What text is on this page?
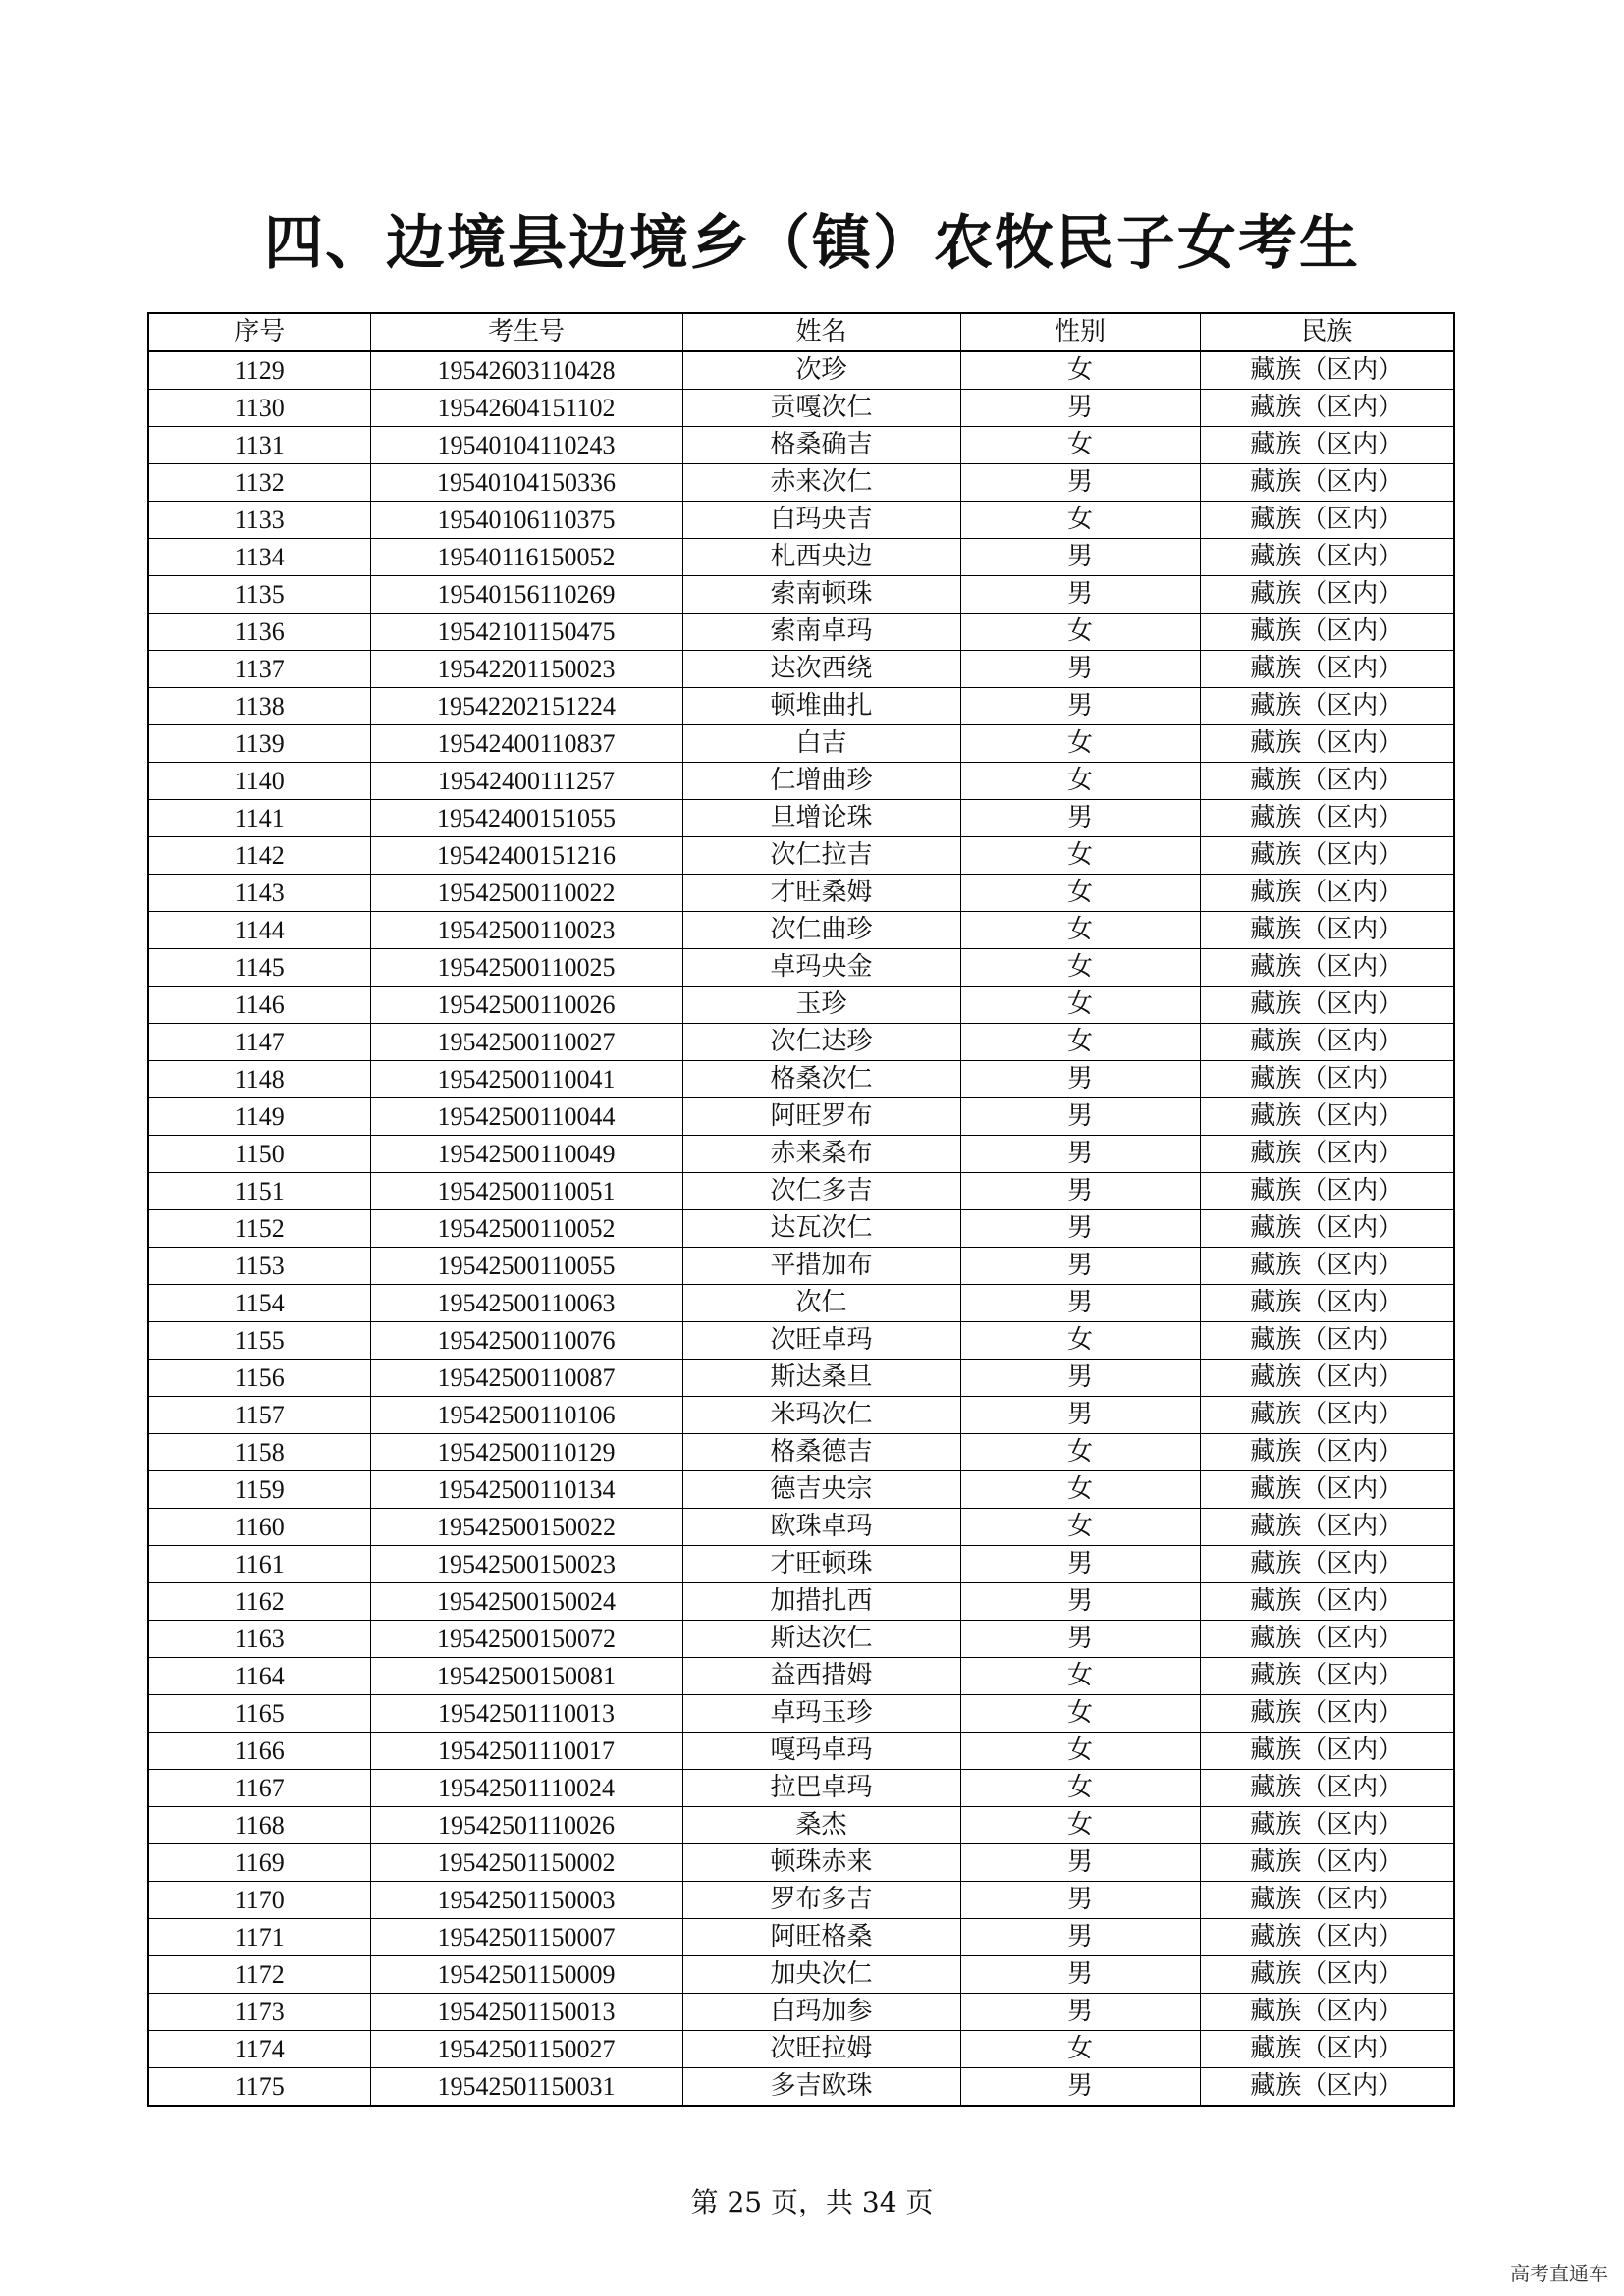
四、边境县边境乡（镇）农牧民子女考生
序号	考生号	姓名	性别	民族
1129	19542603110428	次珍	女	藏族（区内）
1130	19542604151102	贡嘎次仁	男	藏族（区内）
1131	19540104110243	格桑确吉	女	藏族（区内）
1132	19540104150336	赤来次仁	男	藏族（区内）
1133	19540106110375	白玛央吉	女	藏族（区内）
1134	19540116150052	札西央边	男	藏族（区内）
1135	19540156110269	索南顿珠	男	藏族（区内）
1136	19542101150475	索南卓玛	女	藏族（区内）
1137	19542201150023	达次西绕	男	藏族（区内）
1138	19542202151224	顿堆曲扎	男	藏族（区内）
1139	19542400110837	白吉	女	藏族（区内）
1140	19542400111257	仁增曲珍	女	藏族（区内）
1141	19542400151055	旦增论珠	男	藏族（区内）
1142	19542400151216	次仁拉吉	女	藏族（区内）
1143	19542500110022	才旺桑姆	女	藏族（区内）
1144	19542500110023	次仁曲珍	女	藏族（区内）
1145	19542500110025	卓玛央金	女	藏族（区内）
1146	19542500110026	玉珍	女	藏族（区内）
1147	19542500110027	次仁达珍	女	藏族（区内）
1148	19542500110041	格桑次仁	男	藏族（区内）
1149	19542500110044	阿旺罗布	男	藏族（区内）
1150	19542500110049	赤来桑布	男	藏族（区内）
1151	19542500110051	次仁多吉	男	藏族（区内）
1152	19542500110052	达瓦次仁	男	藏族（区内）
1153	19542500110055	平措加布	男	藏族（区内）
1154	19542500110063	次仁	男	藏族（区内）
1155	19542500110076	次旺卓玛	女	藏族（区内）
1156	19542500110087	斯达桑旦	男	藏族（区内）
1157	19542500110106	米玛次仁	男	藏族（区内）
1158	19542500110129	格桑德吉	女	藏族（区内）
1159	19542500110134	德吉央宗	女	藏族（区内）
1160	19542500150022	欧珠卓玛	女	藏族（区内）
1161	19542500150023	才旺顿珠	男	藏族（区内）
1162	19542500150024	加措扎西	男	藏族（区内）
1163	19542500150072	斯达次仁	男	藏族（区内）
1164	19542500150081	益西措姆	女	藏族（区内）
1165	19542501110013	卓玛玉珍	女	藏族（区内）
1166	19542501110017	嘎玛卓玛	女	藏族（区内）
1167	19542501110024	拉巴卓玛	女	藏族（区内）
1168	19542501110026	桑杰	女	藏族（区内）
1169	19542501150002	顿珠赤来	男	藏族（区内）
1170	19542501150003	罗布多吉	男	藏族（区内）
1171	19542501150007	阿旺格桑	男	藏族（区内）
1172	19542501150009	加央次仁	男	藏族（区内）
1173	19542501150013	白玛加参	男	藏族（区内）
1174	19542501150027	次旺拉姆	女	藏族（区内）
1175	19542501150031	多吉欧珠	男	藏族（区内）
第 25 页，共 34 页
高考直通车
